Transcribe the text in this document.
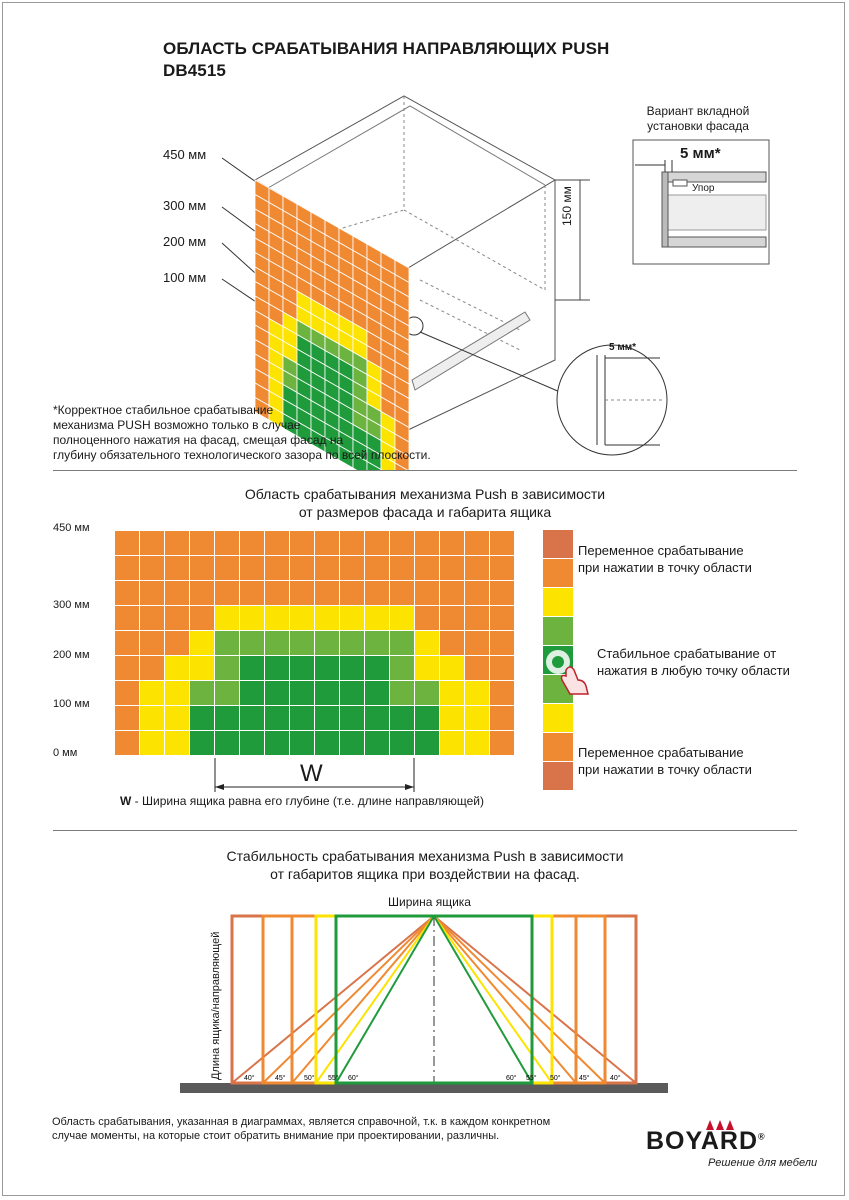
ОБЛАСТЬ СРАБАТЫВАНИЯ НАПРАВЛЯЮЩИХ PUSH
DB4515
450 мм
300 мм
200 мм
100 мм
150 мм
Вариант вкладной
установки фасада
5 мм*
Упор
5 мм*
*Корректное стабильное срабатывание
механизма PUSH возможно только в случае
полноценного нажатия на фасад, смещая фасад на
глубину обязательного технологического зазора по всей плоскости.
Область срабатывания механизма Push в зависимости
от размеров фасада и габарита ящика
450 мм
300 мм
200 мм
100 мм
0 мм
W
W - Ширина ящика равна его глубине (т.е. длине направляющей)
Переменное срабатывание
при нажатии в точку области
Стабильное срабатывание от
нажатия в любую точку области
Переменное срабатывание
при нажатии в точку области
Стабильность срабатывания механизма Push в зависимости
от габаритов ящика при воздействии на фасад.
Ширина ящика
Длина ящика/направляющей	40°	45°	50° 55° 60°	60° 55° 50°	45°	40°
Область срабатывания, указанная в диаграммах, является справочной, т.к. в каждом конкретном
случае моменты, на которые стоит обратить внимание при проектировании, различны.	BOYARD®
Решение для мебели
